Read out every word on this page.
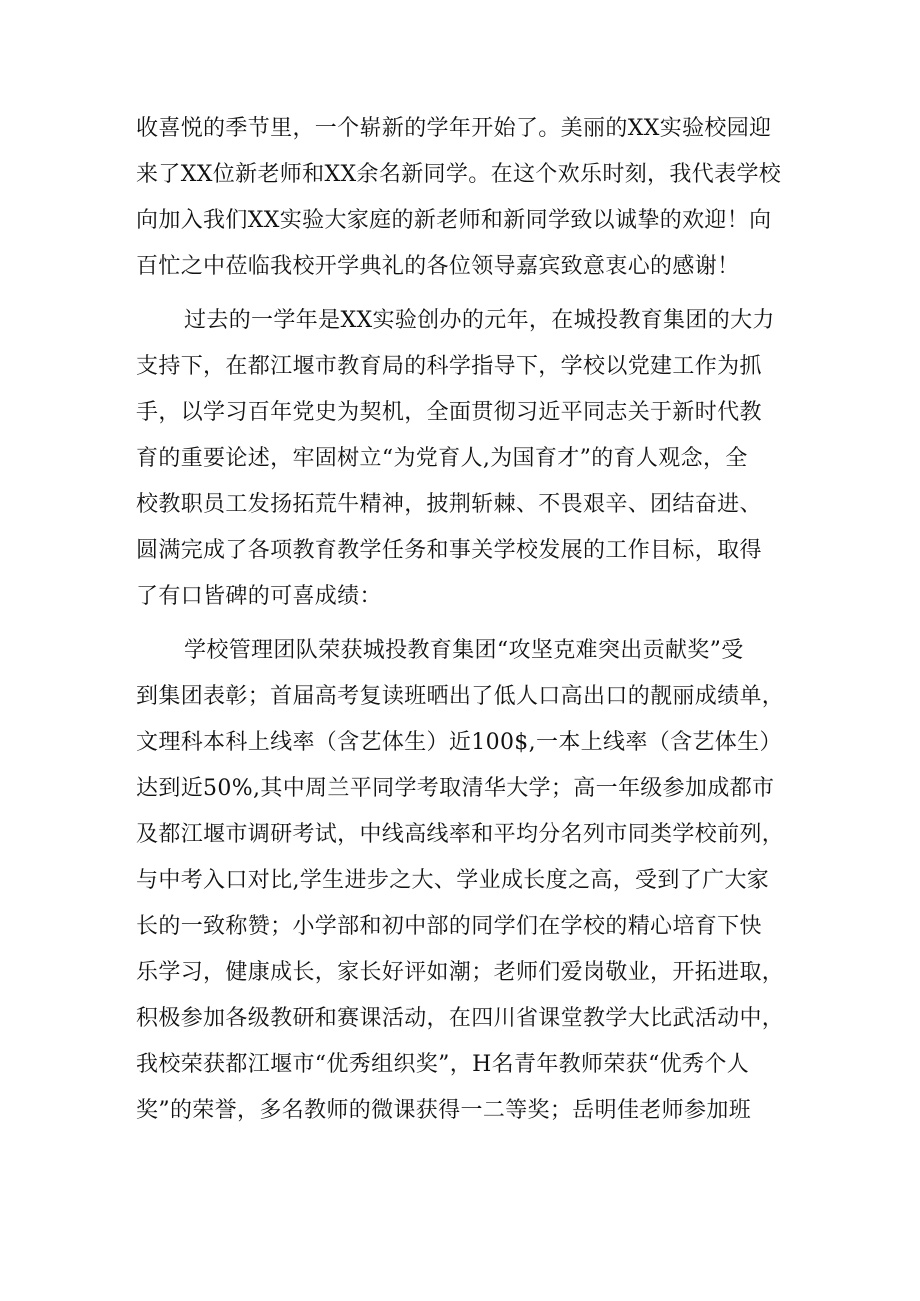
收喜悦的季节里，一个崭新的学年开始了。美丽的XX实验校园迎
来了XX位新老师和XX余名新同学。在这个欢乐时刻，我代表学校
向加入我们XX实验大家庭的新老师和新同学致以诚挚的欢迎！向
百忙之中莅临我校开学典礼的各位领导嘉宾致意衷心的感谢！
过去的一学年是XX实验创办的元年，在城投教育集团的大力
支持下，在都江堰市教育局的科学指导下，学校以党建工作为抓
手，以学习百年党史为契机，全面贯彻习近平同志关于新时代教
育的重要论述，牢固树立“为党育人,为国育才”的育人观念，全
校教职员工发扬拓荒牛精神，披荆斩棘、不畏艰辛、团结奋进、
圆满完成了各项教育教学任务和事关学校发展的工作目标，取得
了有口皆碑的可喜成绩：
学校管理团队荣获城投教育集团“攻坚克难突出贡献奖”受
到集团表彰；首届高考复读班晒出了低人口高出口的靓丽成绩单，
文理科本科上线率（含艺体生）近100$,一本上线率（含艺体生）
达到近50%,其中周兰平同学考取清华大学；高一年级参加成都市
及都江堰市调研考试，中线高线率和平均分名列市同类学校前列，
与中考入口对比,学生进步之大、学业成长度之高，受到了广大家
长的一致称赞；小学部和初中部的同学们在学校的精心培育下快
乐学习，健康成长，家长好评如潮；老师们爱岗敬业，开拓进取，
积极参加各级教研和赛课活动，在四川省课堂教学大比武活动中，
我校荣获都江堰市“优秀组织奖”，H名青年教师荣获“优秀个人
奖”的荣誉，多名教师的微课获得一二等奖；岳明佳老师参加班
